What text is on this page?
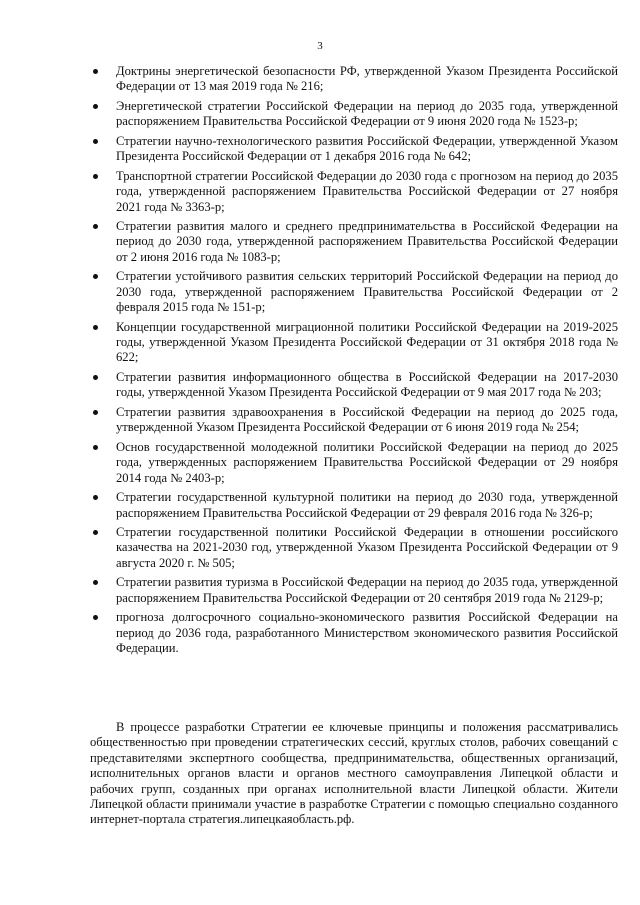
3
Доктрины энергетической безопасности РФ, утвержденной Указом Президента Российской Федерации от 13 мая 2019 года № 216;
Энергетической стратегии Российской Федерации на период до 2035 года, утвержденной распоряжением Правительства Российской Федерации от 9 июня 2020 года № 1523-р;
Стратегии научно-технологического развития Российской Федерации, утвержденной Указом Президента Российской Федерации от 1 декабря 2016 года № 642;
Транспортной стратегии Российской Федерации до 2030 года с прогнозом на период до 2035 года, утвержденной распоряжением Правительства Российской Федерации от 27 ноября 2021 года № 3363-р;
Стратегии развития малого и среднего предпринимательства в Российской Федерации на период до 2030 года, утвержденной распоряжением Правительства Российской Федерации от 2 июня 2016 года № 1083-р;
Стратегии устойчивого развития сельских территорий Российской Федерации на период до 2030 года, утвержденной распоряжением Правительства Российской Федерации от 2 февраля 2015 года № 151-р;
Концепции государственной миграционной политики Российской Федерации на 2019-2025 годы, утвержденной Указом Президента Российской Федерации от 31 октября 2018 года № 622;
Стратегии развития информационного общества в Российской Федерации на 2017-2030 годы, утвержденной Указом Президента Российской Федерации от 9 мая 2017 года № 203;
Стратегии развития здравоохранения в Российской Федерации на период до 2025 года, утвержденной Указом Президента Российской Федерации от 6 июня 2019 года № 254;
Основ государственной молодежной политики Российской Федерации на период до 2025 года, утвержденных распоряжением Правительства Российской Федерации от 29 ноября 2014 года № 2403-р;
Стратегии государственной культурной политики на период до 2030 года, утвержденной распоряжением Правительства Российской Федерации от 29 февраля 2016 года № 326-р;
Стратегии государственной политики Российской Федерации в отношении российского казачества на 2021-2030 год, утвержденной Указом Президента Российской Федерации от 9 августа 2020 г. № 505;
Стратегии развития туризма в Российской Федерации на период до 2035 года, утвержденной распоряжением Правительства Российской Федерации от 20 сентября 2019 года № 2129-р;
прогноза долгосрочного социально-экономического развития Российской Федерации на период до 2036 года, разработанного Министерством экономического развития Российской Федерации.

В процессе разработки Стратегии ее ключевые принципы и положения рассматривались общественностью при проведении стратегических сессий, круглых столов, рабочих совещаний с представителями экспертного сообщества, предпринимательства, общественных организаций, исполнительных органов власти и органов местного самоуправления Липецкой области и рабочих групп, созданных при органах исполнительной власти Липецкой области. Жители Липецкой области принимали участие в разработке Стратегии с помощью специально созданного интернет-портала стратегия.липецкаяобласть.рф.
